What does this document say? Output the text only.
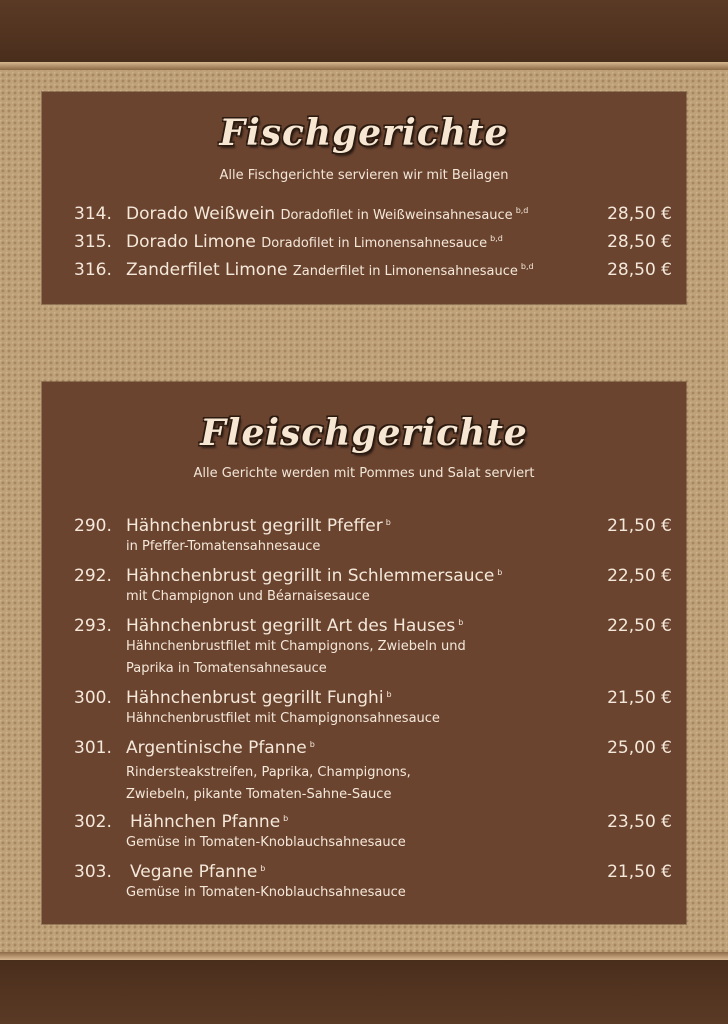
Fischgerichte
Alle Fischgerichte servieren wir mit Beilagen
314. Dorado Weißwein Doradofilet in Weißweinsahnesauce $^{b,d}$	28,50 €
315. Dorado Limone Doradofilet in Limonensahnesauce $^{b,d}$	28,50 €
316. Zanderfilet Limone Zanderfilet in Limonensahnesauce $^{b,d}$	28,50 €
Fleischgerichte
Alle Gerichte werden mit Pommes und Salat serviert
290. Hähnchenbrust gegrillt Pfeffer $^b$	21,50 €
in Pfeffer-Tomatensahnesauce
292. Hähnchenbrust gegrillt in Schlemmersauce $^b$	22,50 €
mit Champignon und Béarnaisesauce
293. Hähnchenbrust gegrillt Art des Hauses $^b$	22,50 €
Hähnchenbrustfilet mit Champignons, Zwiebeln und
Paprika in Tomatensahnesauce
300. Hähnchenbrust gegrillt Funghi $^b$	21,50 €
Hähnchenbrustfilet mit Champignonsahnesauce
301. Argentinische Pfanne $^b$	25,00 €
Rindersteakstreifen, Paprika, Champignons,
Zwiebeln, pikante Tomaten-Sahne-Sauce
302. Hähnchen Pfanne $^b$	23,50 €
Gemüse in Tomaten-Knoblauchsahnesauce
303. Vegane Pfanne $^b$	21,50 €
Gemüse in Tomaten-Knoblauchsahnesauce
